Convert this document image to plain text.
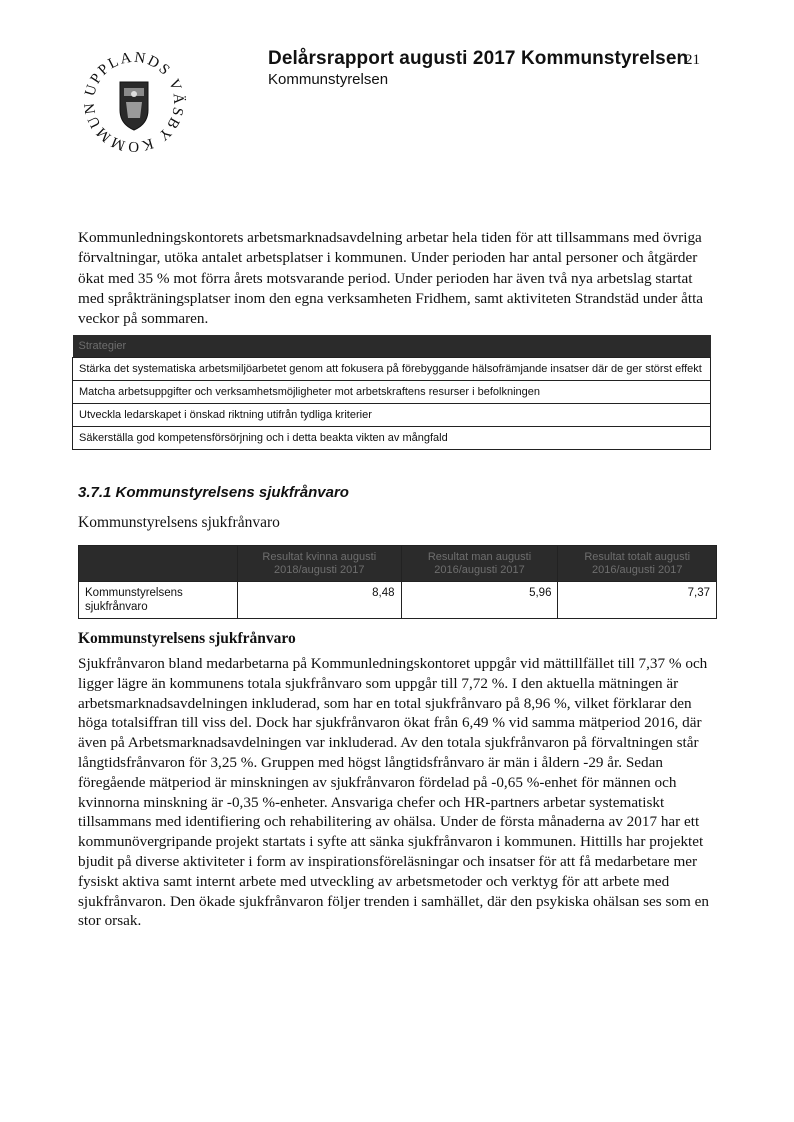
UPPLANDS VÄSBY KOMMUN
Delårsrapport augusti 2017 Kommunstyrelsen
21
Kommunstyrelsen

Kommunledningskontorets arbetsmarknadsavdelning arbetar hela tiden för att tillsammans med övriga förvaltningar, utöka antalet arbetsplatser i kommunen. Under perioden har antal personer och åtgärder ökat med 35 % mot förra årets motsvarande period. Under perioden har även två nya arbetslag startat med språkträningsplatser inom den egna verksamheten Fridhem, samt aktiviteten Strandstäd under åtta veckor på sommaren.

Strategier
Stärka det systematiska arbetsmiljöarbetet genom att fokusera på förebyggande hälsofrämjande insatser där de ger störst effekt
Matcha arbetsuppgifter och verksamhetsmöjligheter mot arbetskraftens resurser i befolkningen
Utveckla ledarskapet i önskad riktning utifrån tydliga kriterier
Säkerställa god kompetensförsörjning och i detta beakta vikten av mångfald
3.7.1 Kommunstyrelsens sjukfrånvaro

Kommunstyrelsens sjukfrånvaro

	Resultat kvinna augusti 2018/augusti 2017	Resultat man augusti 2016/augusti 2017	Resultat totalt augusti 2016/augusti 2017
Kommunstyrelsens sjukfrånvaro	8,48	5,96	7,37
Kommunstyrelsens sjukfrånvaro

Sjukfrånvaron bland medarbetarna på Kommunledningskontoret uppgår vid mättillfället till 7,37 % och ligger lägre än kommunens totala sjukfrånvaro som uppgår till 7,72 %. I den aktuella mätningen är arbetsmarknadsavdelningen inkluderad, som har en total sjukfrånvaro på 8,96 %, vilket förklarar den höga totalsiffran till viss del. Dock har sjukfrånvaron ökat från 6,49 % vid samma mätperiod 2016, där även på Arbetsmarknadsavdelningen var inkluderad. Av den totala sjukfrånvaron på förvaltningen står långtidsfrånvaron för 3,25 %. Gruppen med högst långtidsfrånvaro är män i åldern -29 år. Sedan föregående mätperiod är minskningen av sjukfrånvaron fördelad på -0,65 %-enhet för männen och kvinnorna minskning är -0,35 %-enheter. Ansvariga chefer och HR-partners arbetar systematiskt tillsammans med identifiering och rehabilitering av ohälsa. Under de första månaderna av 2017 har ett kommunövergripande projekt startats i syfte att sänka sjukfrånvaron i kommunen. Hittills har projektet bjudit på diverse aktiviteter i form av inspirationsföreläsningar och insatser för att få medarbetare mer fysiskt aktiva samt internt arbete med utveckling av arbetsmetoder och verktyg för att arbete med sjukfrånvaron. Den ökade sjukfrånvaron följer trenden i samhället, där den psykiska ohälsan ses som en stor orsak.
